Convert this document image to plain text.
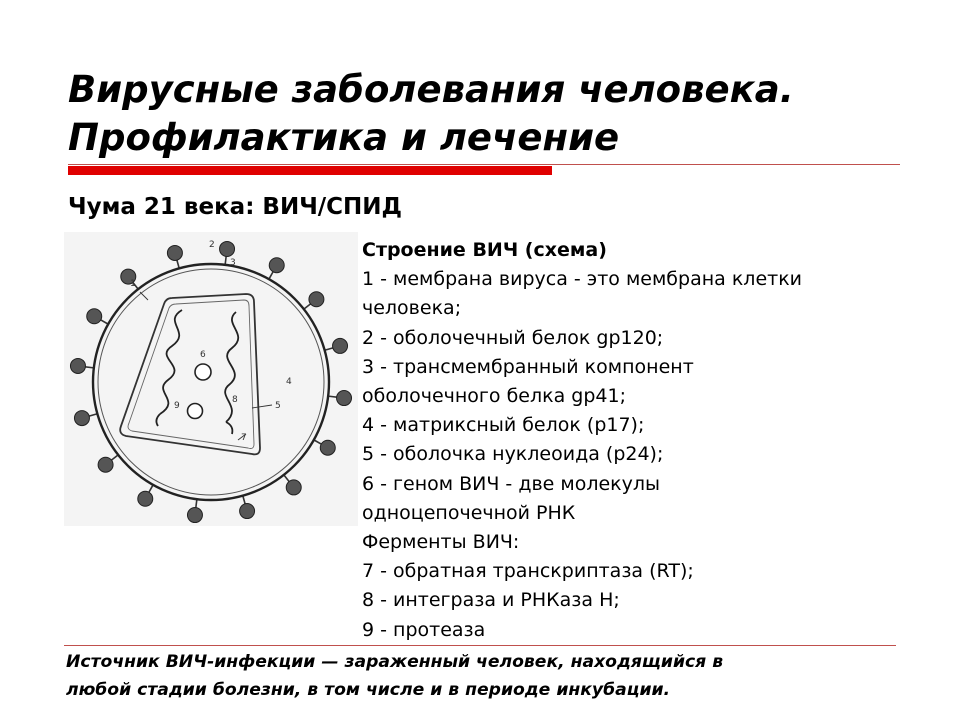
Вирусные заболевания человека.
Профилактика и лечение
Чума 21 века: ВИЧ/СПИД
1
2
3
4
5
6
7
8
9
Строение ВИЧ (схема)
1 - мембрана вируса - это мембрана клетки
человека;
2 - оболочечный белок gp120;
3 - трансмембранный компонент
оболочечного белка gp41;
4 - матриксный белок (р17);
5 - оболочка нуклеоида (р24);
6 - геном ВИЧ - две молекулы
одноцепочечной РНК
Ферменты ВИЧ:
7 - обратная транскриптаза (RT);
8 - интеграза и РНКаза Н;
9 - протеаза

Источник ВИЧ-инфекции — зараженный человек, находящийся в
любой стадии болезни, в том числе и в периоде инкубации.
